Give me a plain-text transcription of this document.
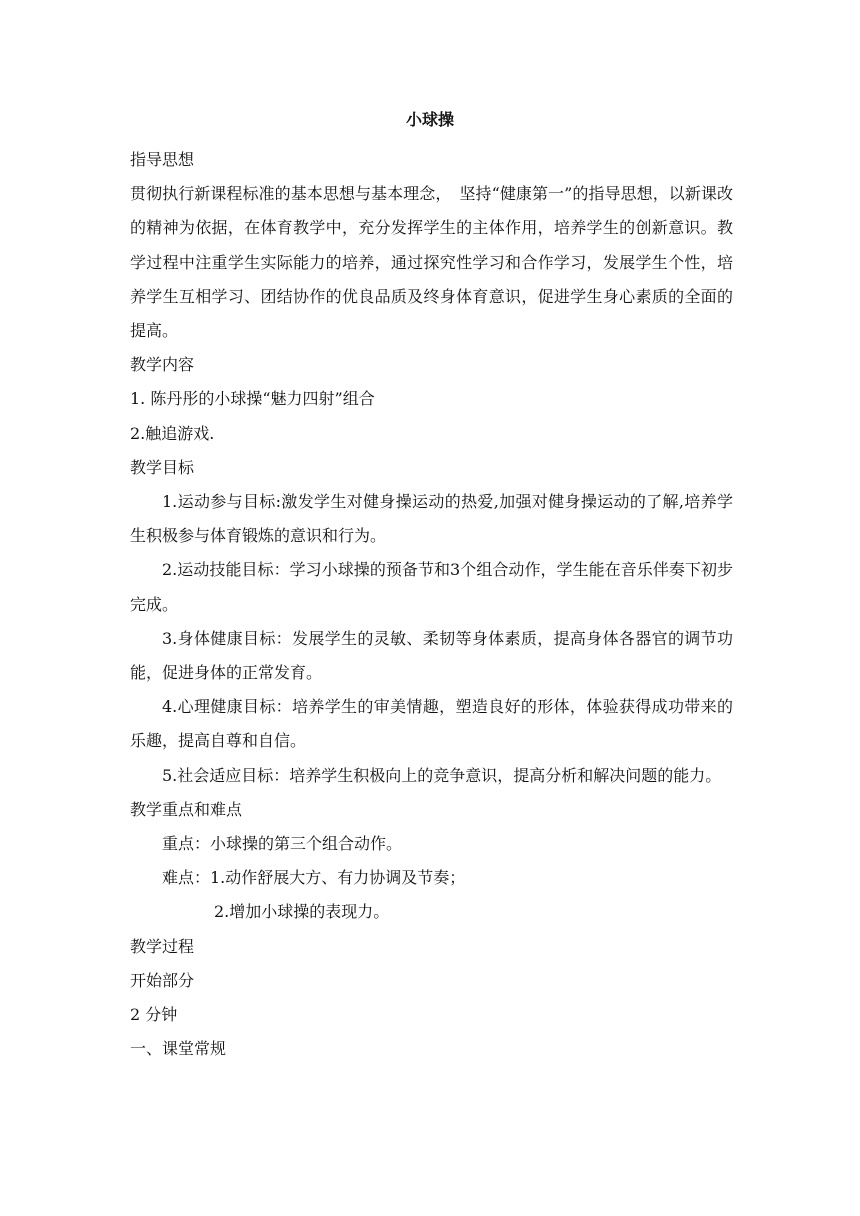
小球操

指导思想

贯彻执行新课程标准的基本思想与基本理念，　坚持“健康第一”的指导思想，以新课改的精神为依据，在体育教学中，充分发挥学生的主体作用，培养学生的创新意识。教学过程中注重学生实际能力的培养，通过探究性学习和合作学习，发展学生个性，培养学生互相学习、团结协作的优良品质及终身体育意识，促进学生身心素质的全面的提高。

教学内容

1. 陈丹彤的小球操“魅力四射”组合

2.触追游戏.

教学目标

1.运动参与目标:激发学生对健身操运动的热爱,加强对健身操运动的了解,培养学生积极参与体育锻炼的意识和行为。

2.运动技能目标：学习小球操的预备节和3个组合动作，学生能在音乐伴奏下初步完成。

3.身体健康目标：发展学生的灵敏、柔韧等身体素质，提高身体各器官的调节功能，促进身体的正常发育。

4.心理健康目标：培养学生的审美情趣，塑造良好的形体，体验获得成功带来的乐趣，提高自尊和自信。

5.社会适应目标：培养学生积极向上的竞争意识，提高分析和解决问题的能力。

教学重点和难点

重点：小球操的第三个组合动作。

难点：1.动作舒展大方、有力协调及节奏；

2.增加小球操的表现力。

教学过程

开始部分

2 分钟

一、课堂常规
